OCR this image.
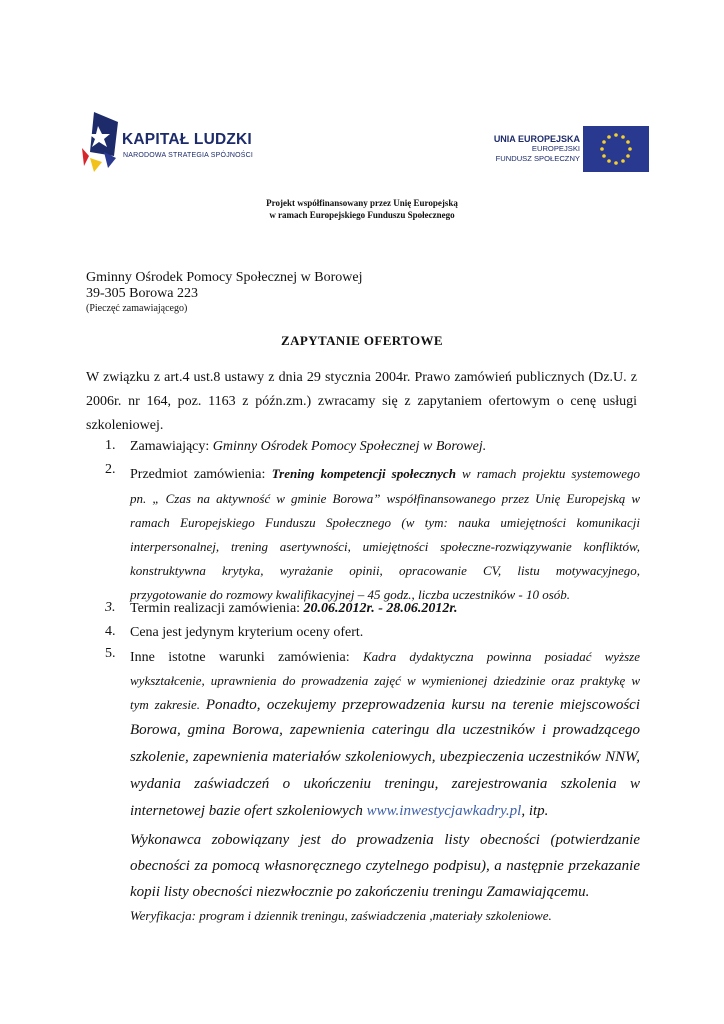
KAPITAŁ LUDZKI
NARODOWA STRATEGIA SPÓJNOŚCI
UNIA EUROPEJSKA
EUROPEJSKI
FUNDUSZ SPOŁECZNY
Projekt współfinansowany przez Unię Europejską
w ramach Europejskiego Funduszu Społecznego
Gminny Ośrodek Pomocy Społecznej w Borowej
39-305 Borowa 223
(Pieczęć zamawiającego)
ZAPYTANIE OFERTOWE
W związku z art.4 ust.8 ustawy z dnia 29 stycznia 2004r. Prawo zamówień publicznych (Dz.U. z
2006r. nr 164, poz. 1163 z późn.zm.) zwracamy się z zapytaniem ofertowym o cenę usługi
szkoleniowej.
1. Zamawiający: Gminny Ośrodek Pomocy Społecznej w Borowej.
2. Przedmiot zamówienia: Trening kompetencji społecznych w ramach projektu systemowego
pn. „ Czas na aktywność w gminie Borowa” współfinansowanego przez Unię Europejską w
ramach Europejskiego Funduszu Społecznego (w tym: nauka umiejętności komunikacji
interpersonalnej, trening asertywności, umiejętności społeczne-rozwiązywanie konfliktów,
konstruktywna krytyka, wyrażanie opinii, opracowanie CV, listu motywacyjnego,
przygotowanie do rozmowy kwalifikacyjnej – 45 godz., liczba uczestników - 10 osób.
3. Termin realizacji zamówienia: 20.06.2012r. - 28.06.2012r.
4. Cena jest jedynym kryterium oceny ofert.
5. Inne istotne warunki zamówienia: Kadra dydaktyczna powinna posiadać wyższe
wykształcenie, uprawnienia do prowadzenia zajęć w wymienionej dziedzinie oraz praktykę w
tym zakresie. Ponadto, oczekujemy przeprowadzenia kursu na terenie miejscowości
Borowa, gmina Borowa, zapewnienia cateringu dla uczestników i prowadzącego
szkolenie, zapewnienia materiałów szkoleniowych, ubezpieczenia uczestników NNW,
wydania zaświadczeń o ukończeniu treningu, zarejestrowania szkolenia w
internetowej bazie ofert szkoleniowych www.inwestycjawkadry.pl, itp.
Wykonawca zobowiązany jest do prowadzenia listy obecności (potwierdzanie
obecności za pomocą własnoręcznego czytelnego podpisu), a następnie przekazanie
kopii listy obecności niezwłocznie po zakończeniu treningu Zamawiającemu.
Weryfikacja: program i dziennik treningu, zaświadczenia ,materiały szkoleniowe.
